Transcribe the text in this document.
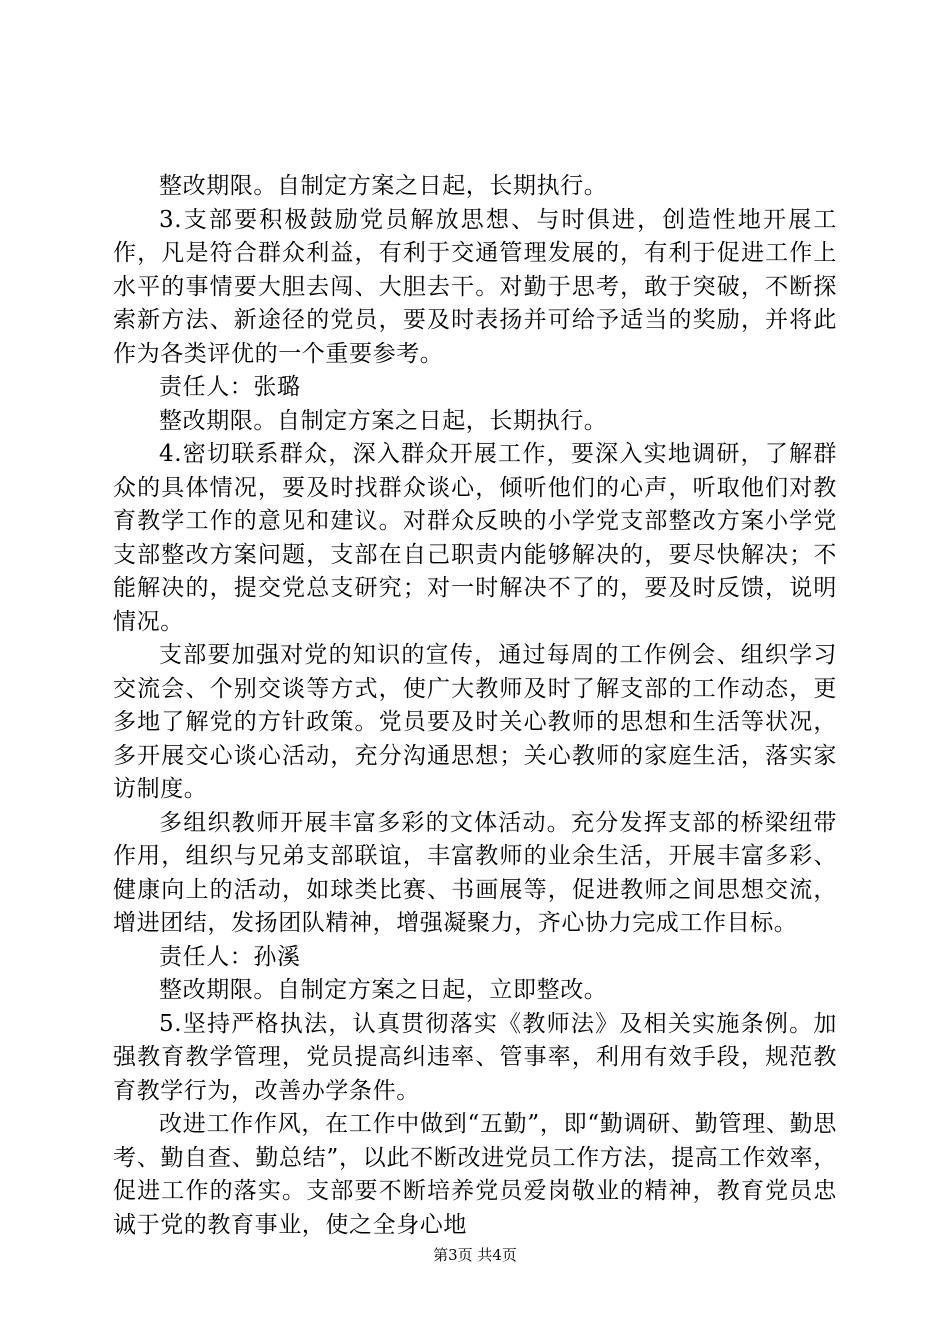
整改期限。自制定方案之日起，长期执行。

3.支部要积极鼓励党员解放思想、与时俱进，创造性地开展工作，凡是符合群众利益，有利于交通管理发展的，有利于促进工作上水平的事情要大胆去闯、大胆去干。对勤于思考，敢于突破，不断探索新方法、新途径的党员，要及时表扬并可给予适当的奖励，并将此作为各类评优的一个重要参考。

责任人：张璐

整改期限。自制定方案之日起，长期执行。

4.密切联系群众，深入群众开展工作，要深入实地调研，了解群众的具体情况，要及时找群众谈心，倾听他们的心声，听取他们对教育教学工作的意见和建议。对群众反映的小学党支部整改方案小学党支部整改方案问题，支部在自己职责内能够解决的，要尽快解决；不能解决的，提交党总支研究；对一时解决不了的，要及时反馈，说明情况。

支部要加强对党的知识的宣传，通过每周的工作例会、组织学习交流会、个别交谈等方式，使广大教师及时了解支部的工作动态，更多地了解党的方针政策。党员要及时关心教师的思想和生活等状况，多开展交心谈心活动，充分沟通思想；关心教师的家庭生活，落实家访制度。

多组织教师开展丰富多彩的文体活动。充分发挥支部的桥梁纽带作用，组织与兄弟支部联谊，丰富教师的业余生活，开展丰富多彩、健康向上的活动，如球类比赛、书画展等，促进教师之间思想交流，增进团结，发扬团队精神，增强凝聚力，齐心协力完成工作目标。

责任人：孙溪

整改期限。自制定方案之日起，立即整改。

5.坚持严格执法，认真贯彻落实《教师法》及相关实施条例。加强教育教学管理，党员提高纠违率、管事率，利用有效手段，规范教育教学行为，改善办学条件。

改进工作作风，在工作中做到“五勤”，即“勤调研、勤管理、勤思考、勤自查、勤总结”，以此不断改进党员工作方法，提高工作效率，促进工作的落实。支部要不断培养党员爱岗敬业的精神，教育党员忠诚于党的教育事业，使之全身心地

第3页 共4页
